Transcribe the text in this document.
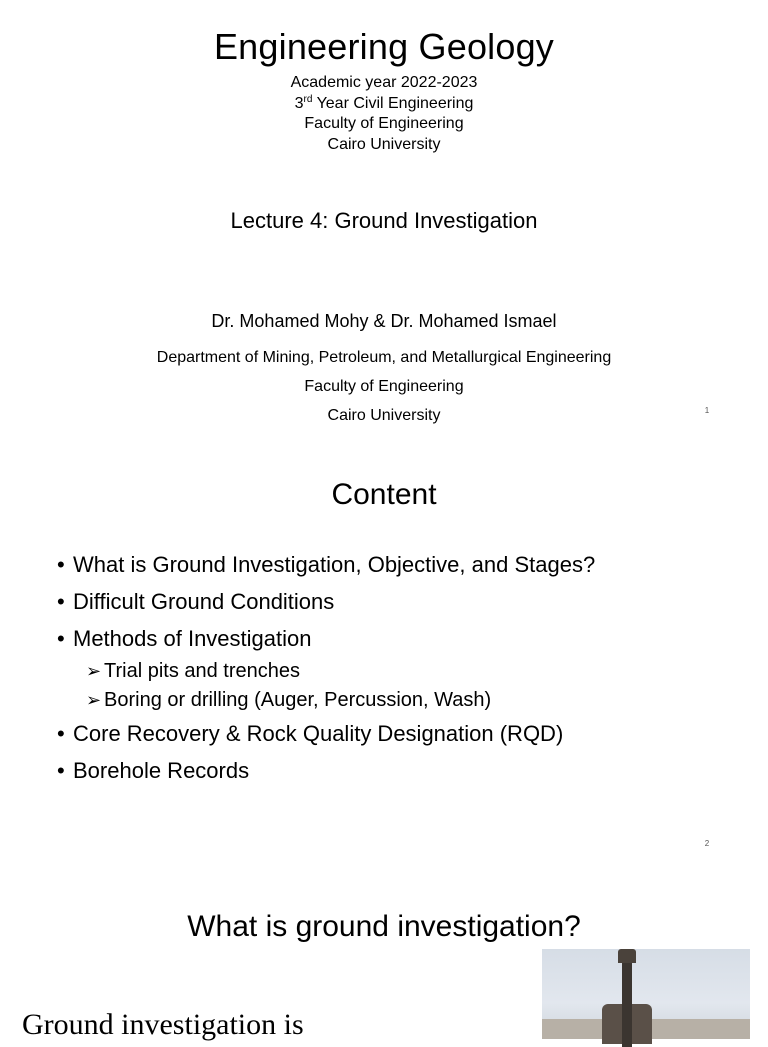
Engineering Geology
Academic year 2022-2023
3rd Year Civil Engineering
Faculty of Engineering
Cairo University
Lecture 4: Ground Investigation
Dr. Mohamed Mohy & Dr. Mohamed Ismael
Department of Mining, Petroleum, and Metallurgical Engineering
Faculty of Engineering
Cairo University	1
Content
• What is Ground Investigation, Objective, and Stages?
• Difficult Ground Conditions
• Methods of Investigation
➢ Trial pits and trenches
➢ Boring or drilling (Auger, Percussion, Wash)
• Core Recovery & Rock Quality Designation (RQD)
• Borehole Records
2
What is ground investigation?
Ground investigation is
